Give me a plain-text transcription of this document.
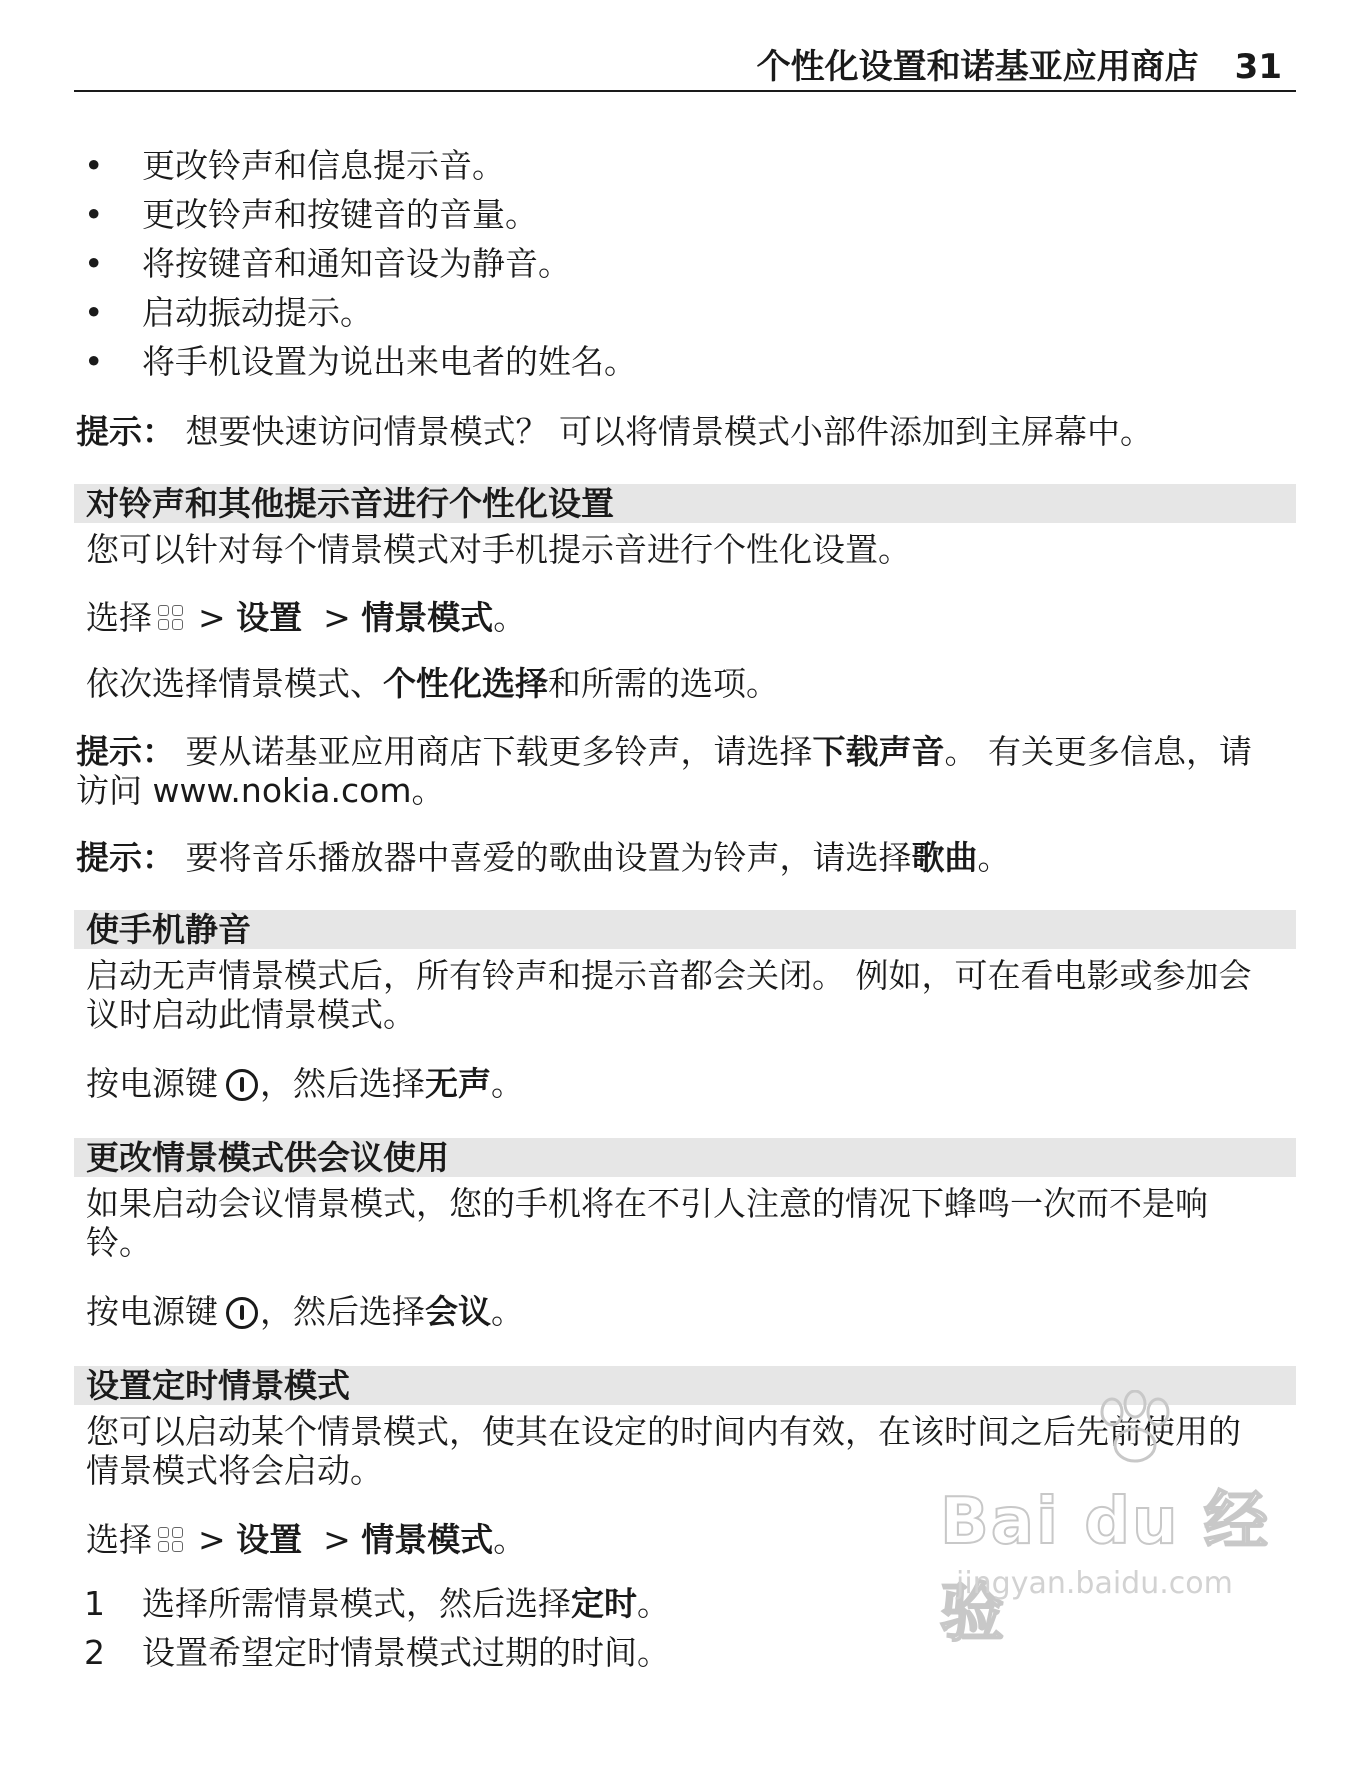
个性化设置和诺基亚应用商店 31
• 更改铃声和信息提示音。
• 更改铃声和按键音的音量。
• 将按键音和通知音设为静音。
• 启动振动提示。
• 将手机设置为说出来电者的姓名。
提示： 想要快速访问情景模式？ 可以将情景模式小部件添加到主屏幕中。
对铃声和其他提示音进行个性化设置
您可以针对每个情景模式对手机提示音进行个性化设置。
选择 > 设置 > 情景模式。
依次选择情景模式、个性化选择和所需的选项。
提示： 要从诺基亚应用商店下载更多铃声，请选择下载声音。 有关更多信息，请访问 www.nokia.com。
提示： 要将音乐播放器中喜爱的歌曲设置为铃声，请选择歌曲。
使手机静音
启动无声情景模式后，所有铃声和提示音都会关闭。 例如，可在看电影或参加会议时启动此情景模式。
按电源键 ，然后选择无声。
更改情景模式供会议使用
如果启动会议情景模式，您的手机将在不引人注意的情况下蜂鸣一次而不是响铃。
按电源键 ，然后选择会议。
设置定时情景模式
您可以启动某个情景模式，使其在设定的时间内有效，在该时间之后先前使用的情景模式将会启动。
选择 > 设置 > 情景模式。
1 选择所需情景模式，然后选择定时。
2 设置希望定时情景模式过期的时间。
Bai du 经验
jingyan.baidu.com
